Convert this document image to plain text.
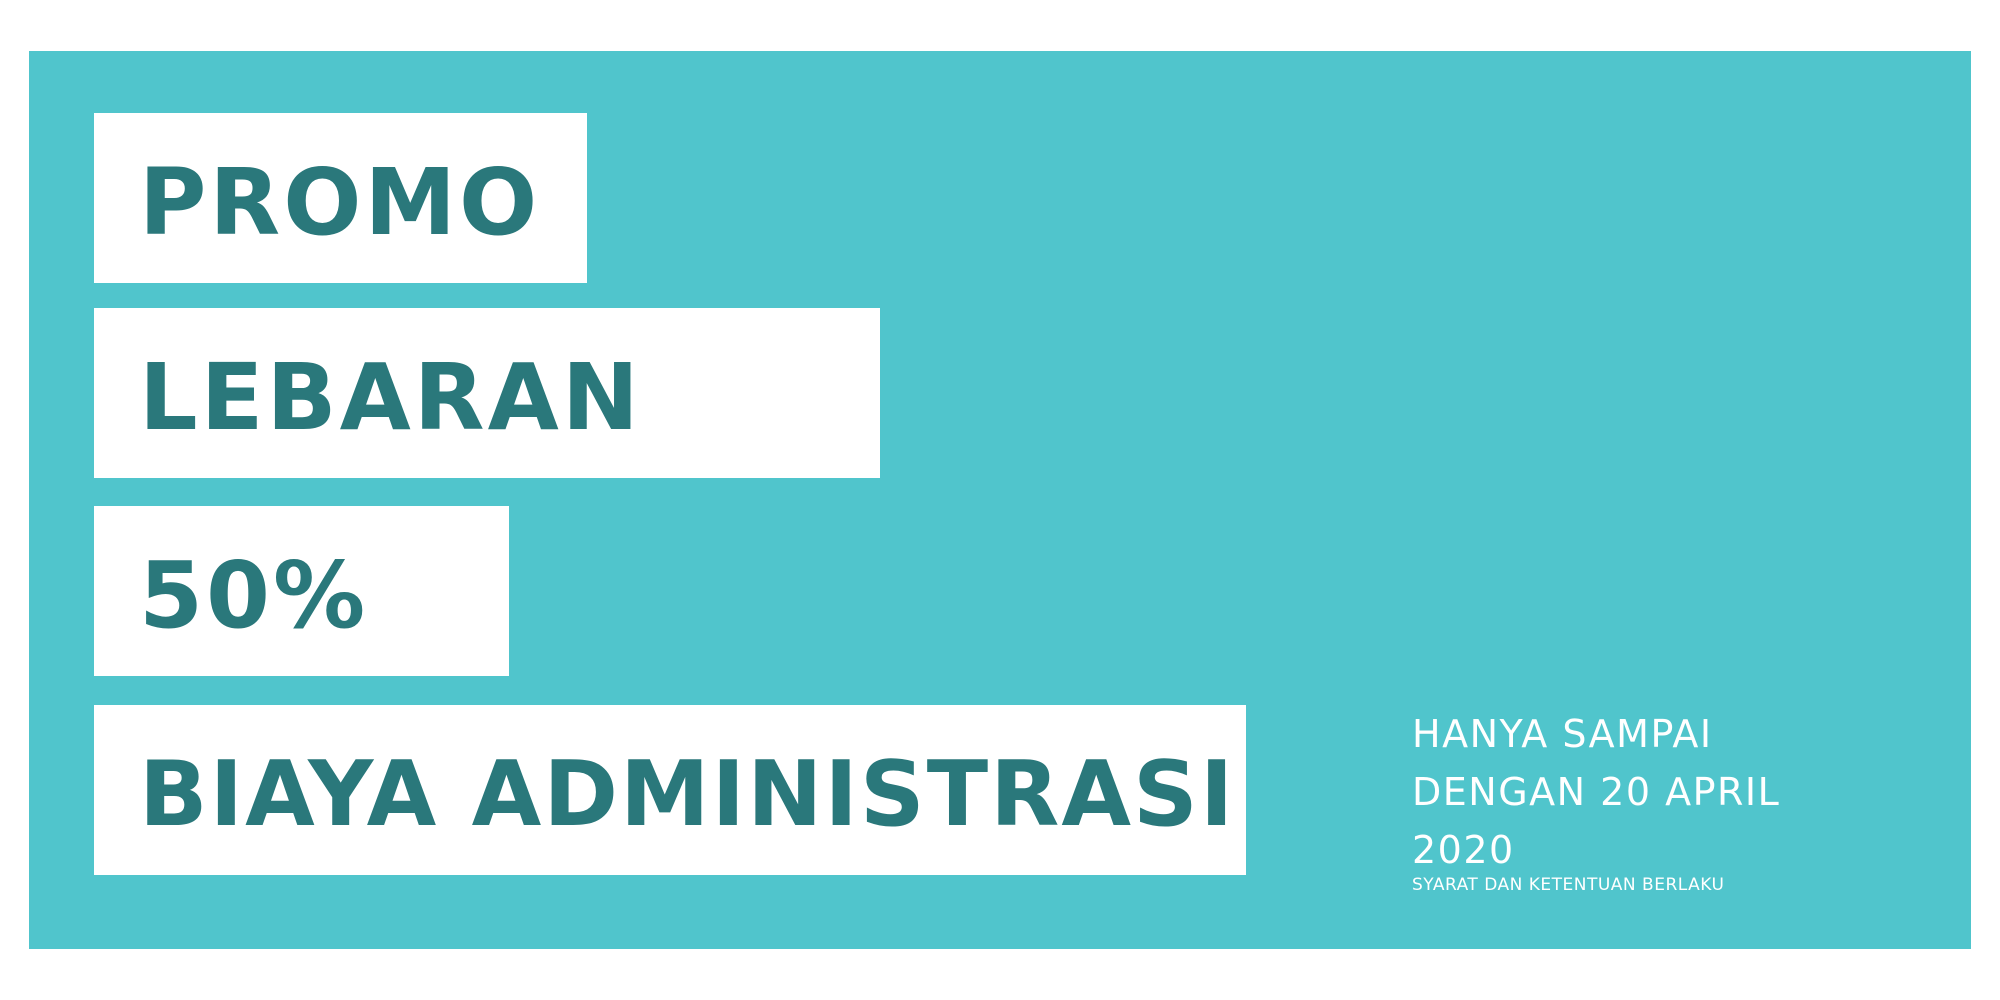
PROMO
LEBARAN
50%
BIAYA ADMINISTRASI
HANYA SAMPAI
DENGAN 20 APRIL
2020
SYARAT DAN KETENTUAN BERLAKU
